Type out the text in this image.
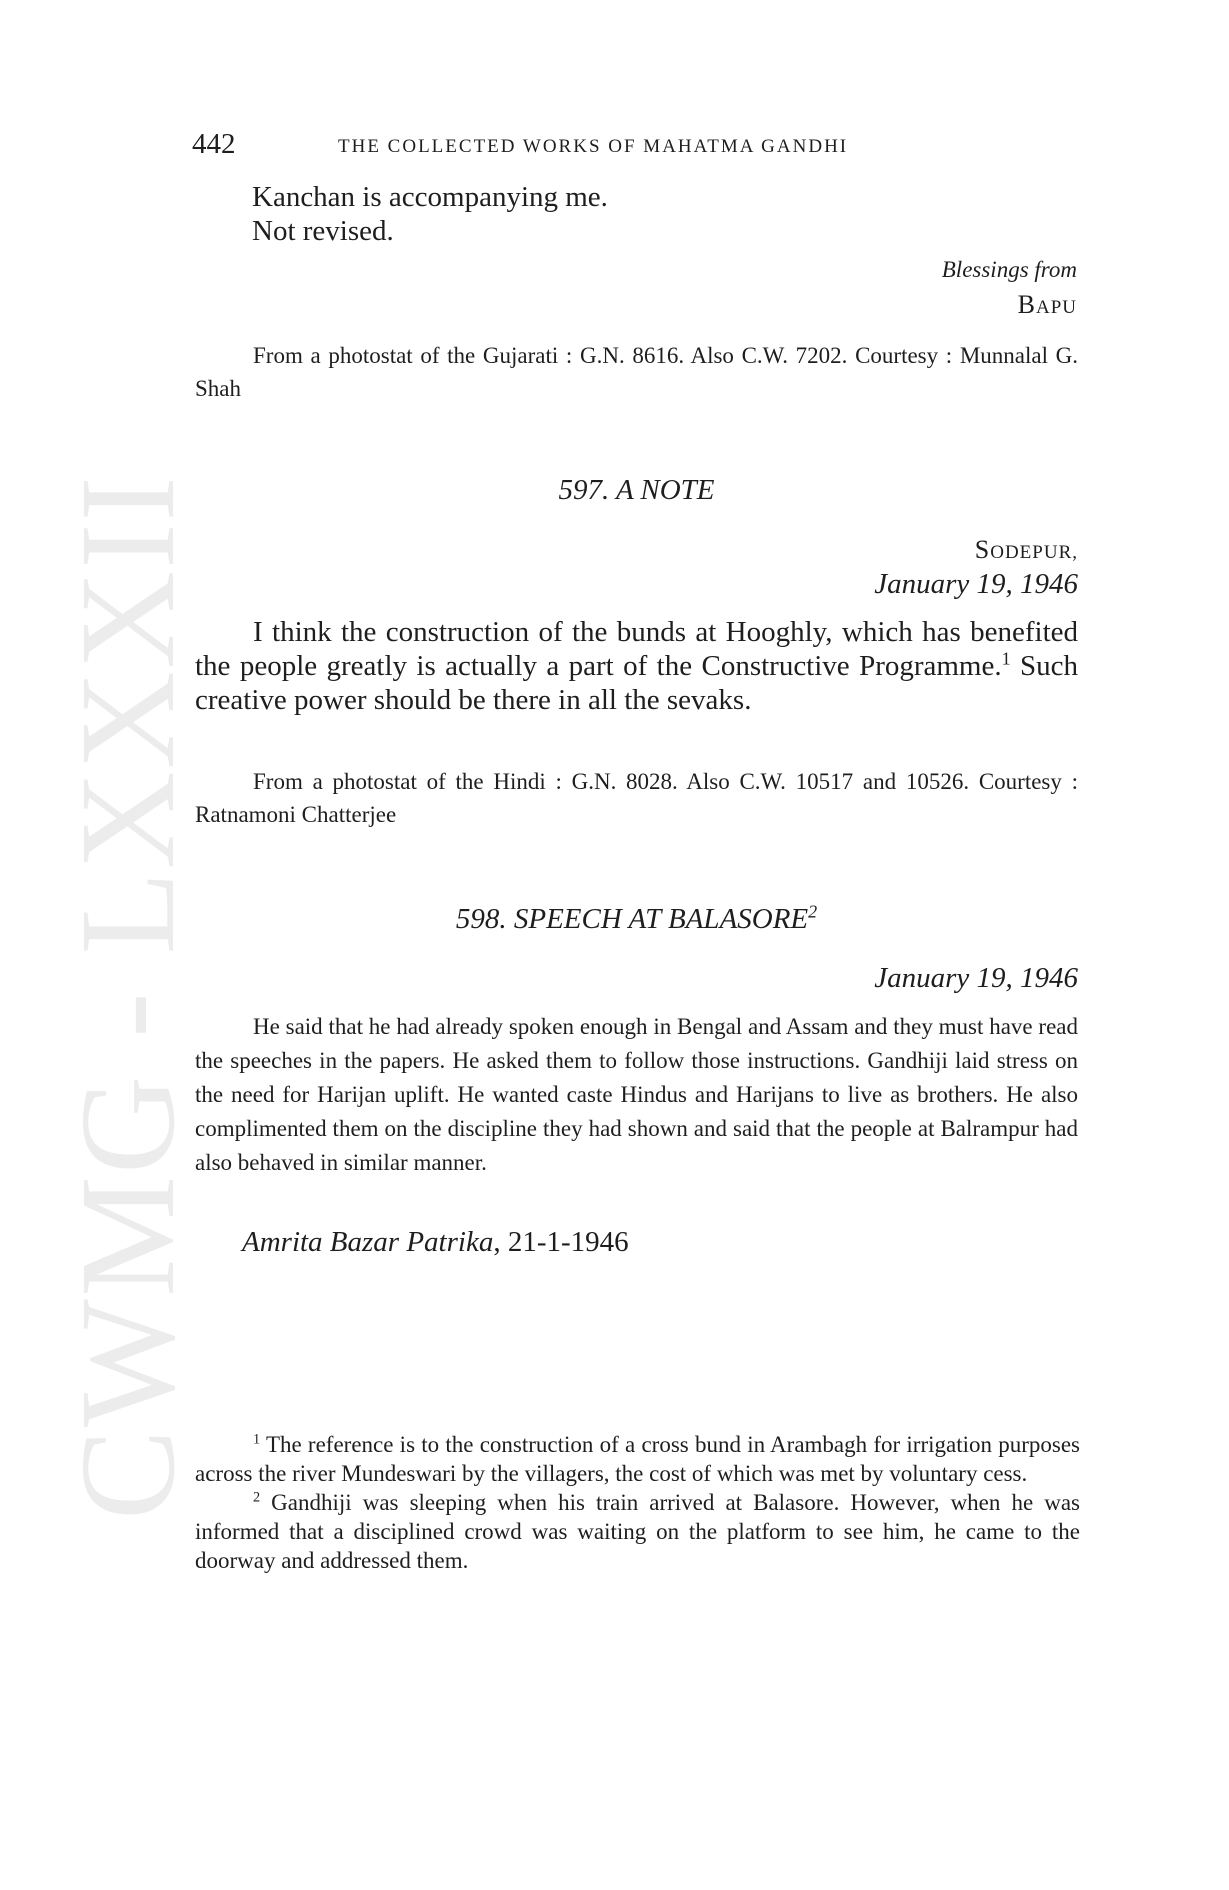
CWMG - LXXXII
442	THE COLLECTED WORKS OF MAHATMA GANDHI
Kanchan is accompanying me.
Not revised.
Blessings from
BAPU

From a photostat of the Gujarati : G.N. 8616. Also C.W. 7202. Courtesy : Munnalal G. Shah

597. A NOTE
SODEPUR,
January 19, 1946

I think the construction of the bunds at Hooghly, which has benefited the people greatly is actually a part of the Constructive Programme.$^1$ Such creative power should be there in all the sevaks.

From a photostat of the Hindi : G.N. 8028. Also C.W. 10517 and 10526. Courtesy : Ratnamoni Chatterjee

598. SPEECH AT BALASORE$^2$
January 19, 1946

He said that he had already spoken enough in Bengal and Assam and they must have read the speeches in the papers. He asked them to follow those instructions. Gandhiji laid stress on the need for Harijan uplift. He wanted caste Hindus and Harijans to live as brothers. He also complimented them on the discipline they had shown and said that the people at Balrampur had also behaved in similar manner.

Amrita Bazar Patrika, 21-1-1946

$^1$ The reference is to the construction of a cross bund in Arambagh for irrigation purposes across the river Mundeswari by the villagers, the cost of which was met by voluntary cess.

$^2$ Gandhiji was sleeping when his train arrived at Balasore. However, when he was informed that a disciplined crowd was waiting on the platform to see him, he came to the doorway and addressed them.
